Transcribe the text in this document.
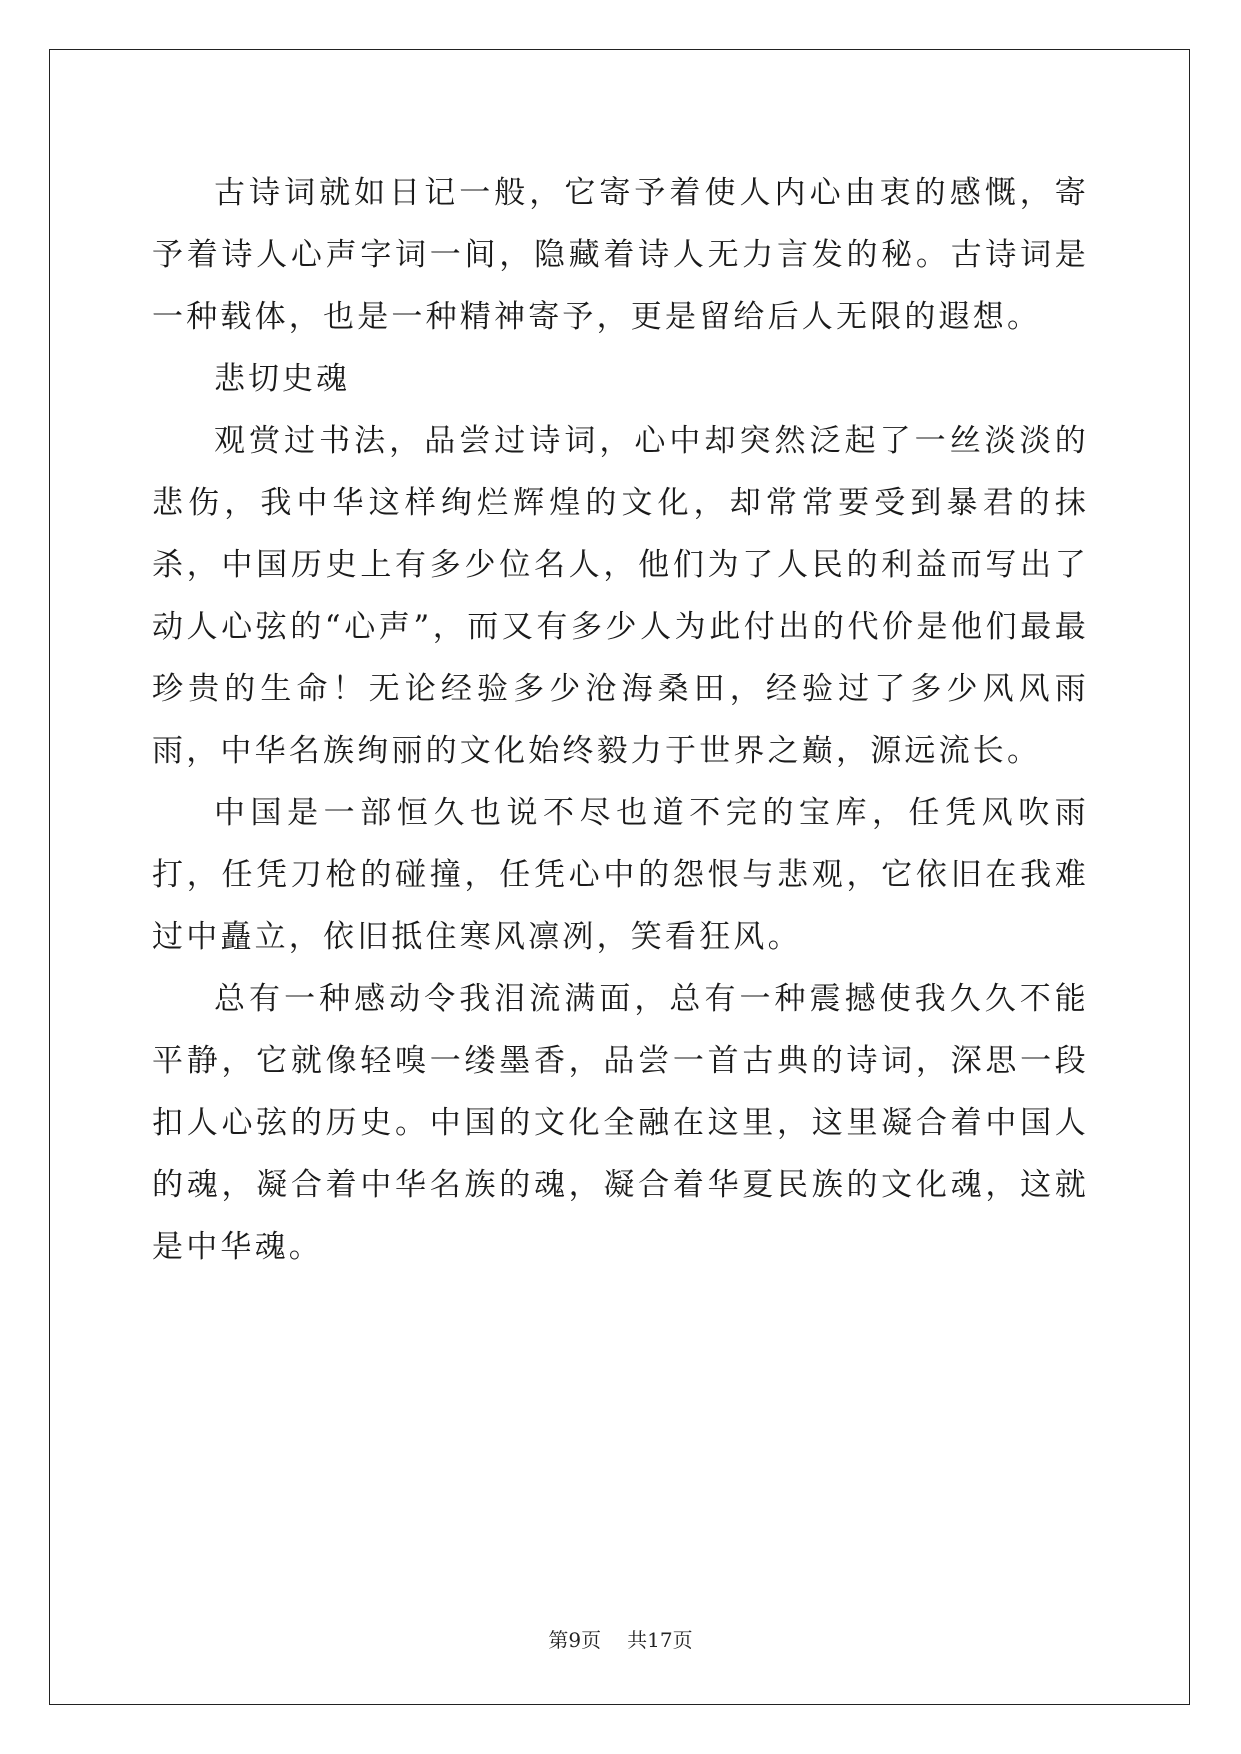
古诗词就如日记一般，它寄予着使人内心由衷的感慨，寄予着诗人心声字词一间，隐藏着诗人无力言发的秘。古诗词是一种载体，也是一种精神寄予，更是留给后人无限的遐想。

悲切史魂

观赏过书法，品尝过诗词，心中却突然泛起了一丝淡淡的悲伤，我中华这样绚烂辉煌的文化，却常常要受到暴君的抹杀，中国历史上有多少位名人，他们为了人民的利益而写出了动人心弦的“心声”，而又有多少人为此付出的代价是他们最最珍贵的生命！无论经验多少沧海桑田，经验过了多少风风雨雨，中华名族绚丽的文化始终毅力于世界之巅，源远流长。

中国是一部恒久也说不尽也道不完的宝库，任凭风吹雨打，任凭刀枪的碰撞，任凭心中的怨恨与悲观，它依旧在我难过中矗立，依旧抵住寒风凛冽，笑看狂风。

总有一种感动令我泪流满面，总有一种震撼使我久久不能平静，它就像轻嗅一缕墨香，品尝一首古典的诗词，深思一段扣人心弦的历史。中国的文化全融在这里，这里凝合着中国人的魂，凝合着中华名族的魂，凝合着华夏民族的文化魂，这就是中华魂。

第9页 共17页
